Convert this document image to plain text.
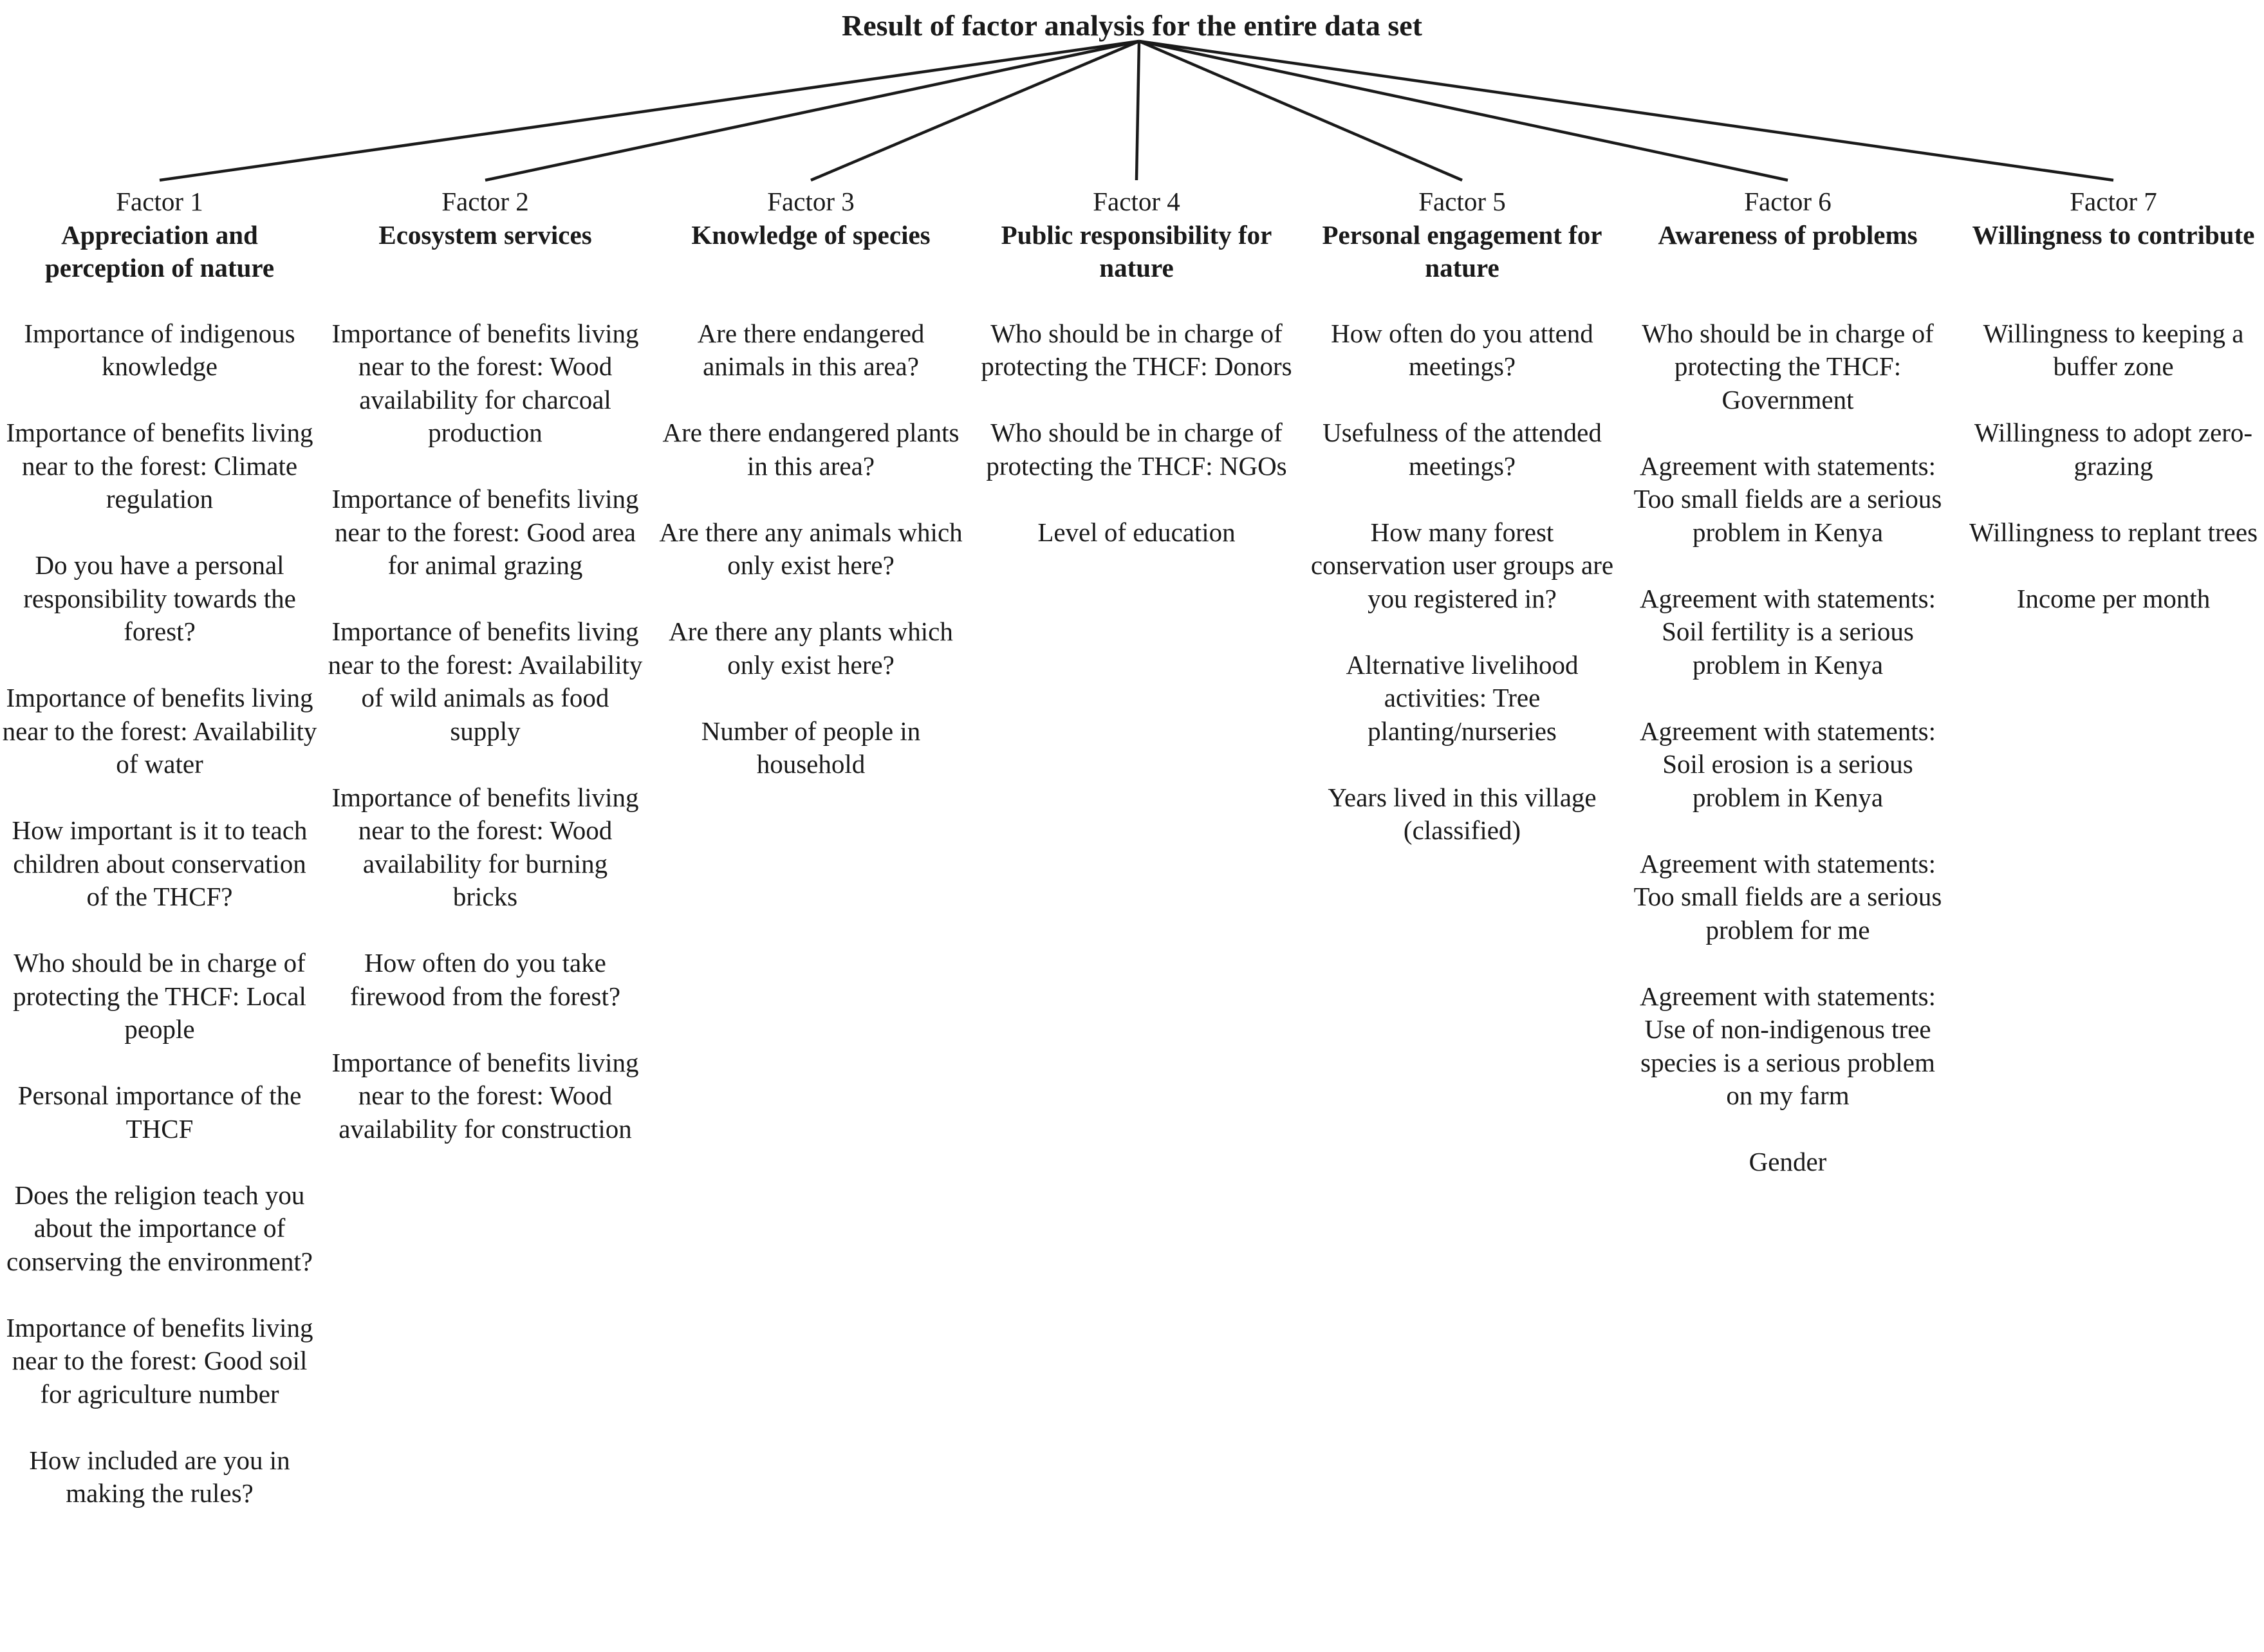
Result of factor analysis for the entire data set
Factor 1
Appreciation and perception of nature
Importance of indigenous knowledge
Importance of benefits living near to the forest: Climate regulation
Do you have a personal responsibility towards the forest?
Importance of benefits living near to the forest: Availability of water
How important is it to teach children about conservation of the THCF?
Who should be in charge of protecting the THCF: Local people
Personal importance of the THCF
Does the religion teach you about the importance of conserving the environment?
Importance of benefits living near to the forest: Good soil for agriculture number
How included are you in making the rules?
Factor 2
Ecosystem services
Importance of benefits living near to the forest: Wood availability for charcoal production
Importance of benefits living near to the forest: Good area for animal grazing
Importance of benefits living near to the forest: Availability of wild animals as food supply
Importance of benefits living near to the forest: Wood availability for burning bricks
How often do you take firewood from the forest?
Importance of benefits living near to the forest: Wood availability for construction
Factor 3
Knowledge of species
Are there endangered animals in this area?
Are there endangered plants in this area?
Are there any animals which only exist here?
Are there any plants which only exist here?
Number of people in household
Factor 4
Public responsibility for nature
Who should be in charge of protecting the THCF: Donors
Who should be in charge of protecting the THCF: NGOs
Level of education
Factor 5
Personal engagement for nature
How often do you attend meetings?
Usefulness of the attended meetings?
How many forest conservation user groups are you registered in?
Alternative livelihood activities: Tree planting/nurseries
Years lived in this village (classified)
Factor 6
Awareness of problems
Who should be in charge of protecting the THCF: Government
Agreement with statements: Too small fields are a serious problem in Kenya
Agreement with statements: Soil fertility is a serious problem in Kenya
Agreement with statements: Soil erosion is a serious problem in Kenya
Agreement with statements: Too small fields are a serious problem for me
Agreement with statements: Use of non-indigenous tree species is a serious problem on my farm
Gender
Factor 7
Willingness to contribute
Willingness to keeping a buffer zone
Willingness to adopt zero-grazing
Willingness to replant trees
Income per month
